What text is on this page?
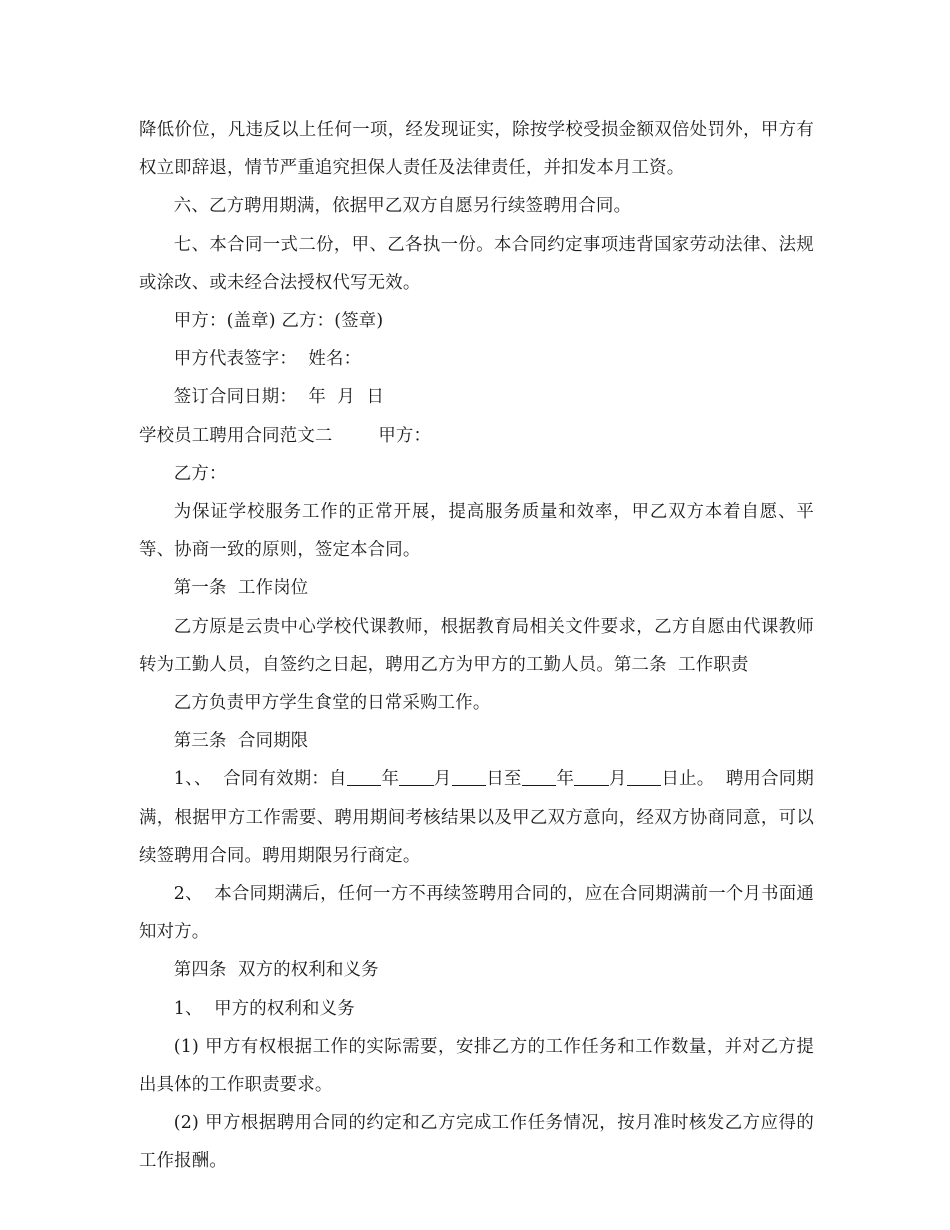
降低价位，凡违反以上任何一项，经发现证实，除按学校受损金额双倍处罚外，甲方有权立即辞退，情节严重追究担保人责任及法律责任，并扣发本月工资。

六、乙方聘用期满，依据甲乙双方自愿另行续签聘用合同。

七、本合同一式二份，甲、乙各执一份。本合同约定事项违背国家劳动法律、法规或涂改、或未经合法授权代写无效。

甲方：(盖章) 乙方：(签章)

甲方代表签字：  姓名：

签订合同日期：  年  月  日

学校员工聘用合同范文二        甲方：

乙方：

为保证学校服务工作的正常开展，提高服务质量和效率，甲乙双方本着自愿、平等、协商一致的原则，签定本合同。

第一条  工作岗位

乙方原是云贵中心学校代课教师，根据教育局相关文件要求，乙方自愿由代课教师转为工勤人员，自签约之日起，聘用乙方为甲方的工勤人员。第二条  工作职责

乙方负责甲方学生食堂的日常采购工作。

第三条  合同期限

1、、  合同有效期：自 年 月 日至 年 月 日止。  聘用合同期满，根据甲方工作需要、聘用期间考核结果以及甲乙双方意向，经双方协商同意，可以续签聘用合同。聘用期限另行商定。

2、  本合同期满后，任何一方不再续签聘用合同的，应在合同期满前一个月书面通知对方。

第四条  双方的权利和义务

1、  甲方的权利和义务

(1) 甲方有权根据工作的实际需要，安排乙方的工作任务和工作数量，并对乙方提出具体的工作职责要求。

(2) 甲方根据聘用合同的约定和乙方完成工作任务情况，按月准时核发乙方应得的工作报酬。
